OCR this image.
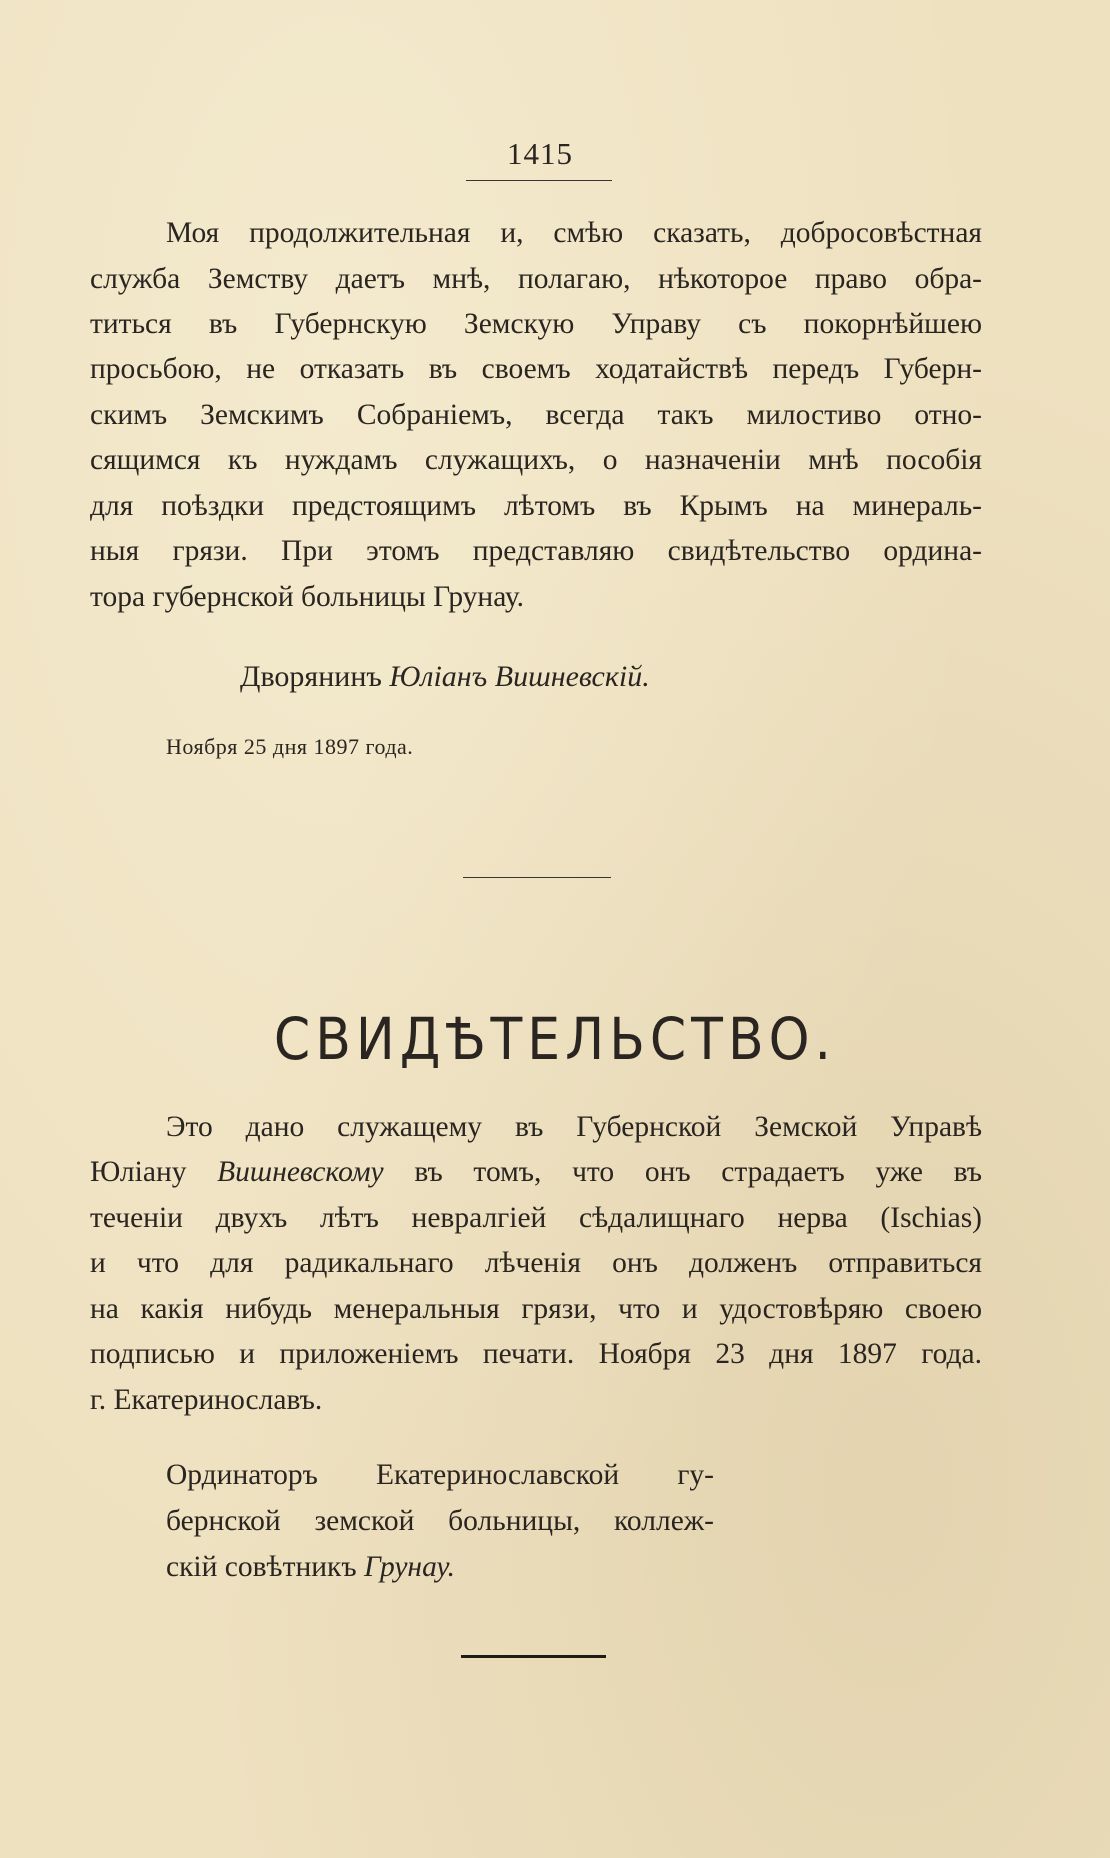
1415
Моя продолжительная и, смѣю сказать, добросовѣстная
служба Земству даетъ мнѣ, полагаю, нѣкоторое право обра-
титься въ Губернскую Земскую Управу съ покорнѣйшею
просьбою, не отказать въ своемъ ходатайствѣ передъ Губерн-
скимъ Земскимъ Собраніемъ, всегда такъ милостиво отно-
сящимся къ нуждамъ служащихъ, о назначеніи мнѣ пособія
для поѣздки предстоящимъ лѣтомъ въ Крымъ на минераль-
ныя грязи. При этомъ представляю свидѣтельство ордина-
тора губернской больницы Грунау.
Дворянинъ Юліанъ Вишневскій.
Ноября 25 дня 1897 года.
СВИДѢТЕЛЬСТВО.
Это дано служащему въ Губернской Земской Управѣ
Юліану Вишневскому въ томъ, что онъ страдаетъ уже въ
теченіи двухъ лѣтъ невралгіей сѣдалищнаго нерва (Ischias)
и что для радикальнаго лѣченія онъ долженъ отправиться
на какія нибудь менеральныя грязи, что и удостовѣряю своею
подписью и приложеніемъ печати. Ноября 23 дня 1897 года.
г. Екатеринославъ.
Ординаторъ Екатеринославской гу-
бернской земской больницы, коллеж-
скій совѣтникъ Грунау.
